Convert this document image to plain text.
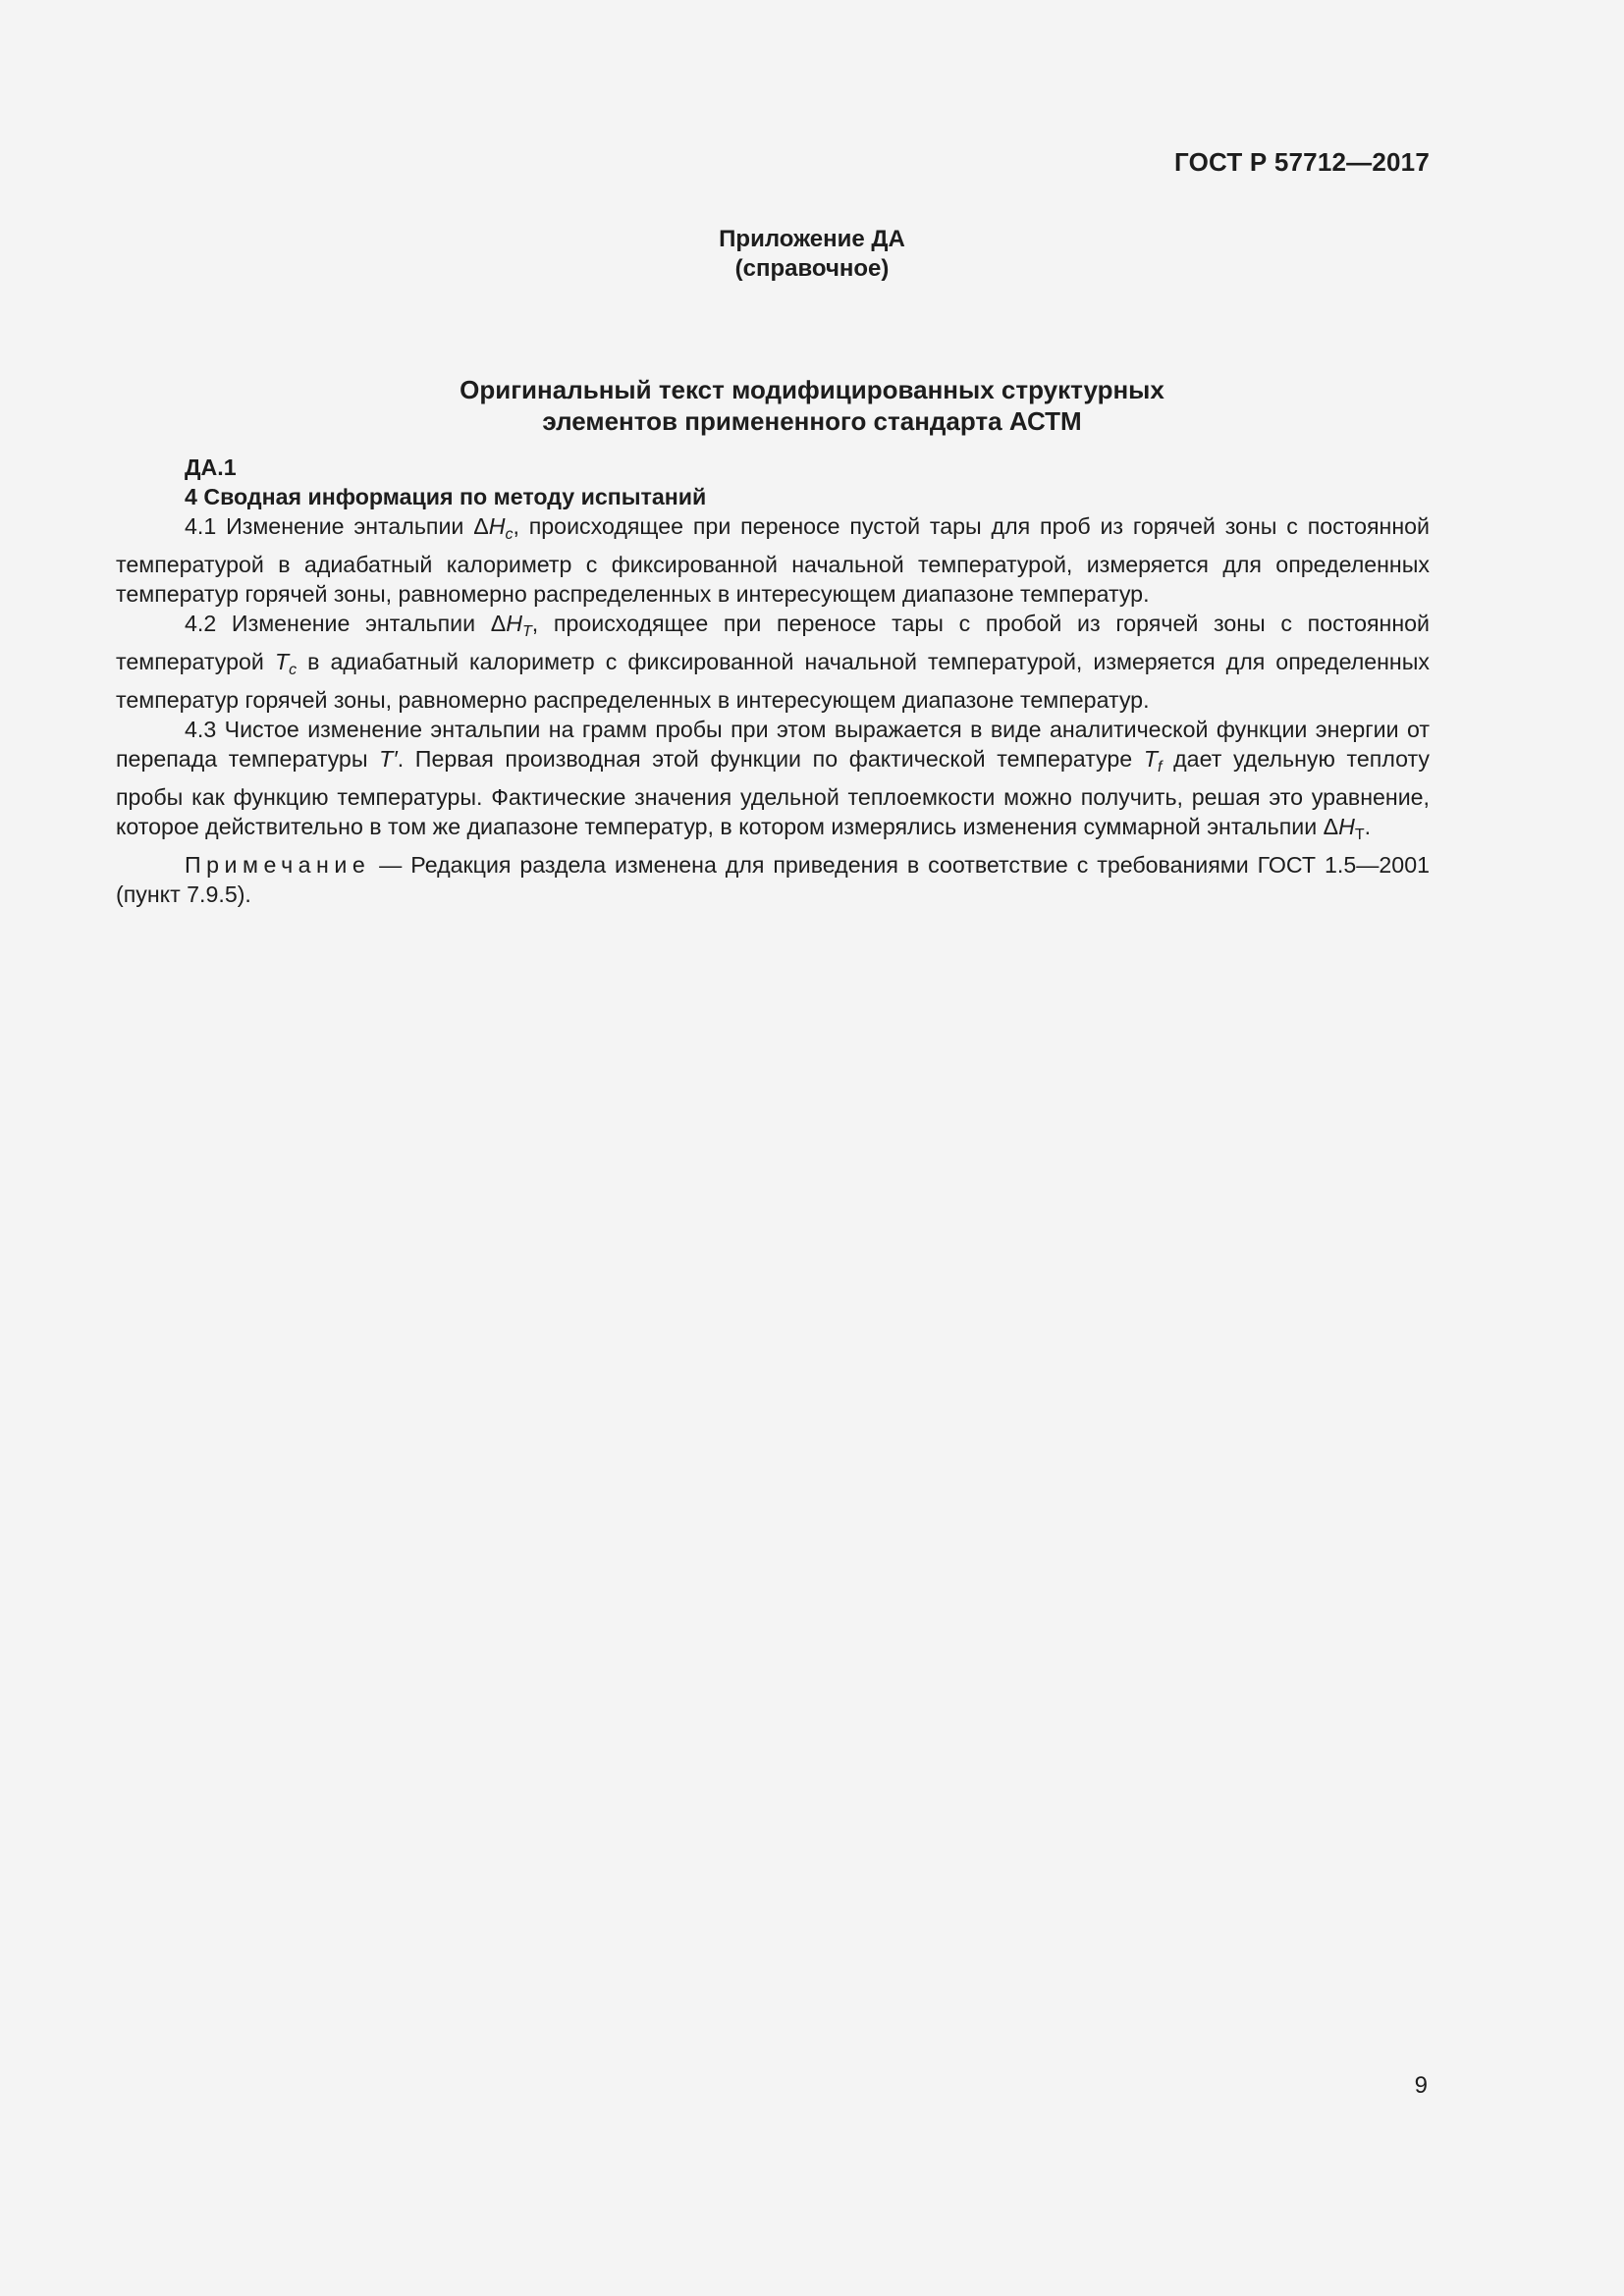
ГОСТ Р 57712—2017
Приложение ДА
(справочное)
Оригинальный текст модифицированных структурных
элементов примененного стандарта АСТМ

ДА.1

4 Сводная информация по методу испытаний

4.1 Изменение энтальпии $\Delta H_c$, происходящее при переносе пустой тары для проб из горячей зоны с постоянной температурой в адиабатный калориметр с фиксированной начальной температурой, измеряется для определенных температур горячей зоны, равномерно распределенных в интересующем диапазоне температур.

4.2 Изменение энтальпии $\Delta H_T$, происходящее при переносе тары с пробой из горячей зоны с постоянной температурой $T_c$ в адиабатный калориметр с фиксированной начальной температурой, измеряется для определенных температур горячей зоны, равномерно распределенных в интересующем диапазоне температур.

4.3 Чистое изменение энтальпии на грамм пробы при этом выражается в виде аналитической функции энергии от перепада температуры T′. Первая производная этой функции по фактической температуре $T_f$ дает удельную теплоту пробы как функцию температуры. Фактические значения удельной теплоемкости можно получить, решая это уравнение, которое действительно в том же диапазоне температур, в котором измерялись изменения суммарной энтальпии $\Delta H_T$.

Примечание — Редакция раздела изменена для приведения в соответствие с требованиями ГОСТ 1.5—2001 (пункт 7.9.5).

9
